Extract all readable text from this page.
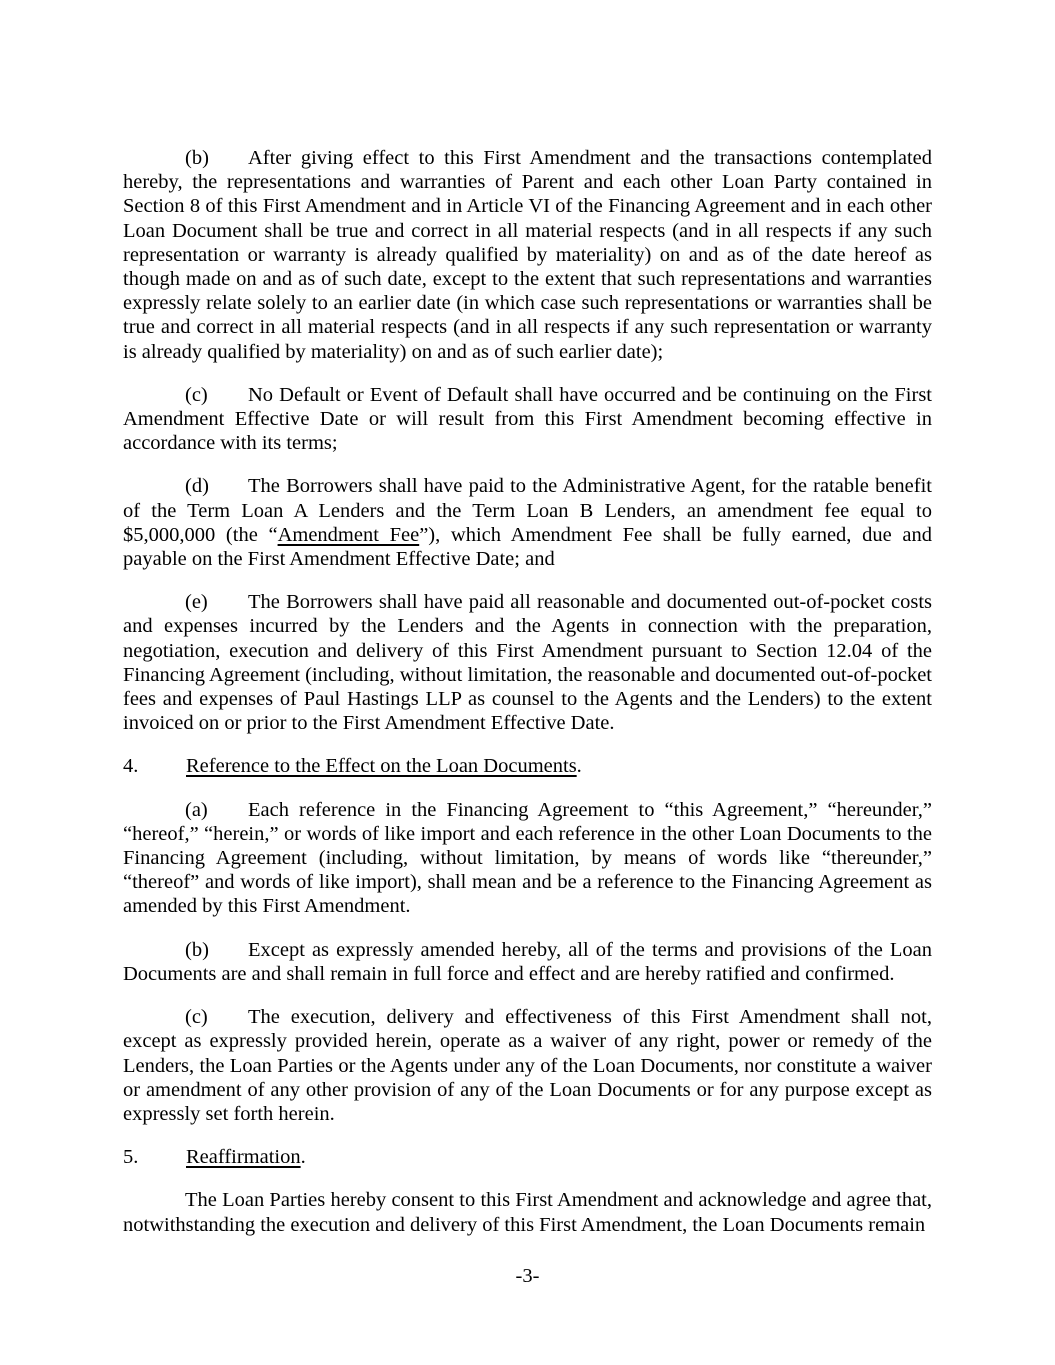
(b) After giving effect to this First Amendment and the transactions contemplated hereby, the representations and warranties of Parent and each other Loan Party contained in Section 8 of this First Amendment and in Article VI of the Financing Agreement and in each other Loan Document shall be true and correct in all material respects (and in all respects if any such representation or warranty is already qualified by materiality) on and as of the date hereof as though made on and as of such date, except to the extent that such representations and warranties expressly relate solely to an earlier date (in which case such representations or warranties shall be true and correct in all material respects (and in all respects if any such representation or warranty is already qualified by materiality) on and as of such earlier date);

(c) No Default or Event of Default shall have occurred and be continuing on the First Amendment Effective Date or will result from this First Amendment becoming effective in accordance with its terms;

(d) The Borrowers shall have paid to the Administrative Agent, for the ratable benefit of the Term Loan A Lenders and the Term Loan B Lenders, an amendment fee equal to $5,000,000 (the “Amendment Fee”), which Amendment Fee shall be fully earned, due and payable on the First Amendment Effective Date; and

(e) The Borrowers shall have paid all reasonable and documented out-of-pocket costs and expenses incurred by the Lenders and the Agents in connection with the preparation, negotiation, execution and delivery of this First Amendment pursuant to Section 12.04 of the Financing Agreement (including, without limitation, the reasonable and documented out-of-pocket fees and expenses of Paul Hastings LLP as counsel to the Agents and the Lenders) to the extent invoiced on or prior to the First Amendment Effective Date.

4. Reference to the Effect on the Loan Documents.

(a) Each reference in the Financing Agreement to “this Agreement,” “hereunder,” “hereof,” “herein,” or words of like import and each reference in the other Loan Documents to the Financing Agreement (including, without limitation, by means of words like “thereunder,” “thereof” and words of like import), shall mean and be a reference to the Financing Agreement as amended by this First Amendment.

(b) Except as expressly amended hereby, all of the terms and provisions of the Loan Documents are and shall remain in full force and effect and are hereby ratified and confirmed.

(c) The execution, delivery and effectiveness of this First Amendment shall not, except as expressly provided herein, operate as a waiver of any right, power or remedy of the Lenders, the Loan Parties or the Agents under any of the Loan Documents, nor constitute a waiver or amendment of any other provision of any of the Loan Documents or for any purpose except as expressly set forth herein.

5. Reaffirmation.

The Loan Parties hereby consent to this First Amendment and acknowledge and agree that, notwithstanding the execution and delivery of this First Amendment, the Loan Documents remain

-3-
